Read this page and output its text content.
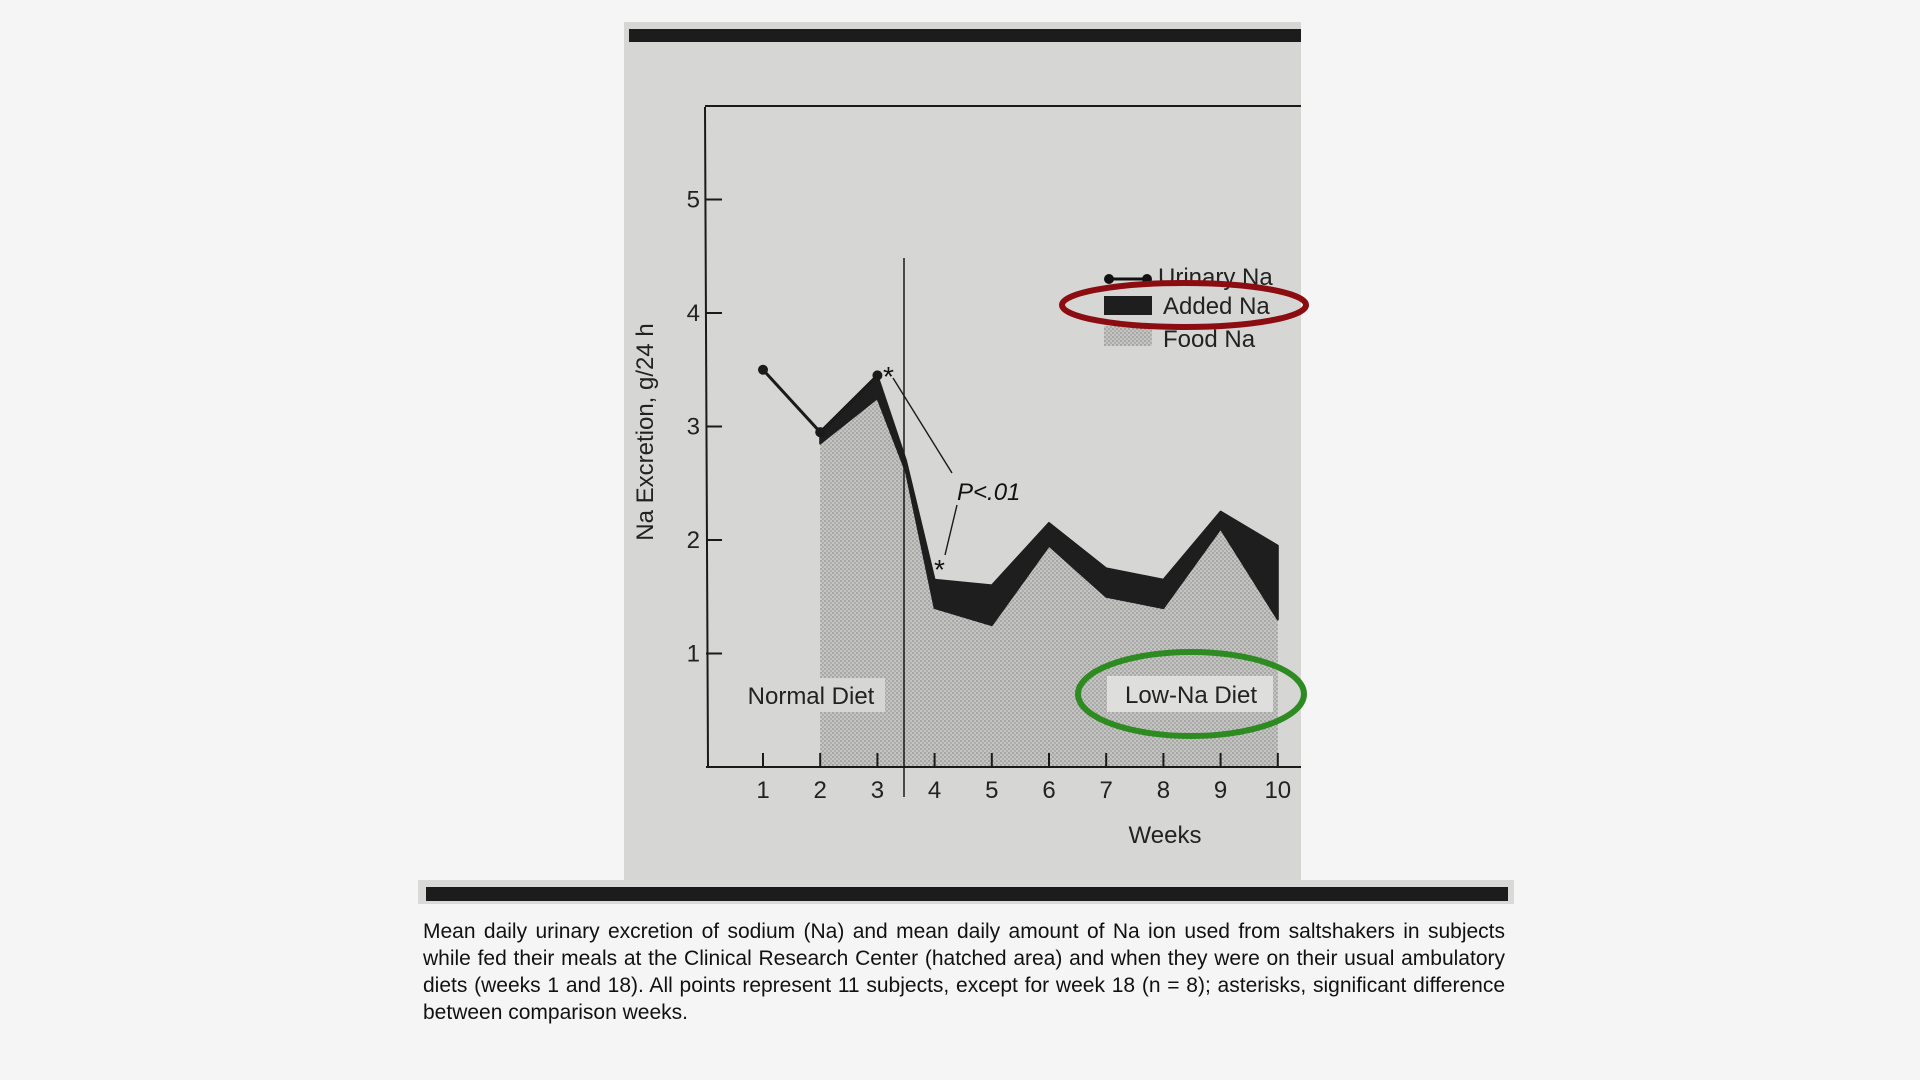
1
2
3
4
5
1 2 3 4 5 6 7 8 9 10
*
*
P<.01
Normal Diet	Low-Na Diet
Weeks
Na Excretion, g/24 h
Urinary Na
Added Na
Food Na
Mean daily urinary excretion of sodium (Na) and mean daily amount of Na ion used from saltshakers in subjects while fed their meals at the Clinical Research Center (hatched area) and when they were on their usual ambulatory diets (weeks 1 and 18). All points represent 11 subjects, except for week 18 (n = 8); asterisks, significant difference between comparison weeks.
